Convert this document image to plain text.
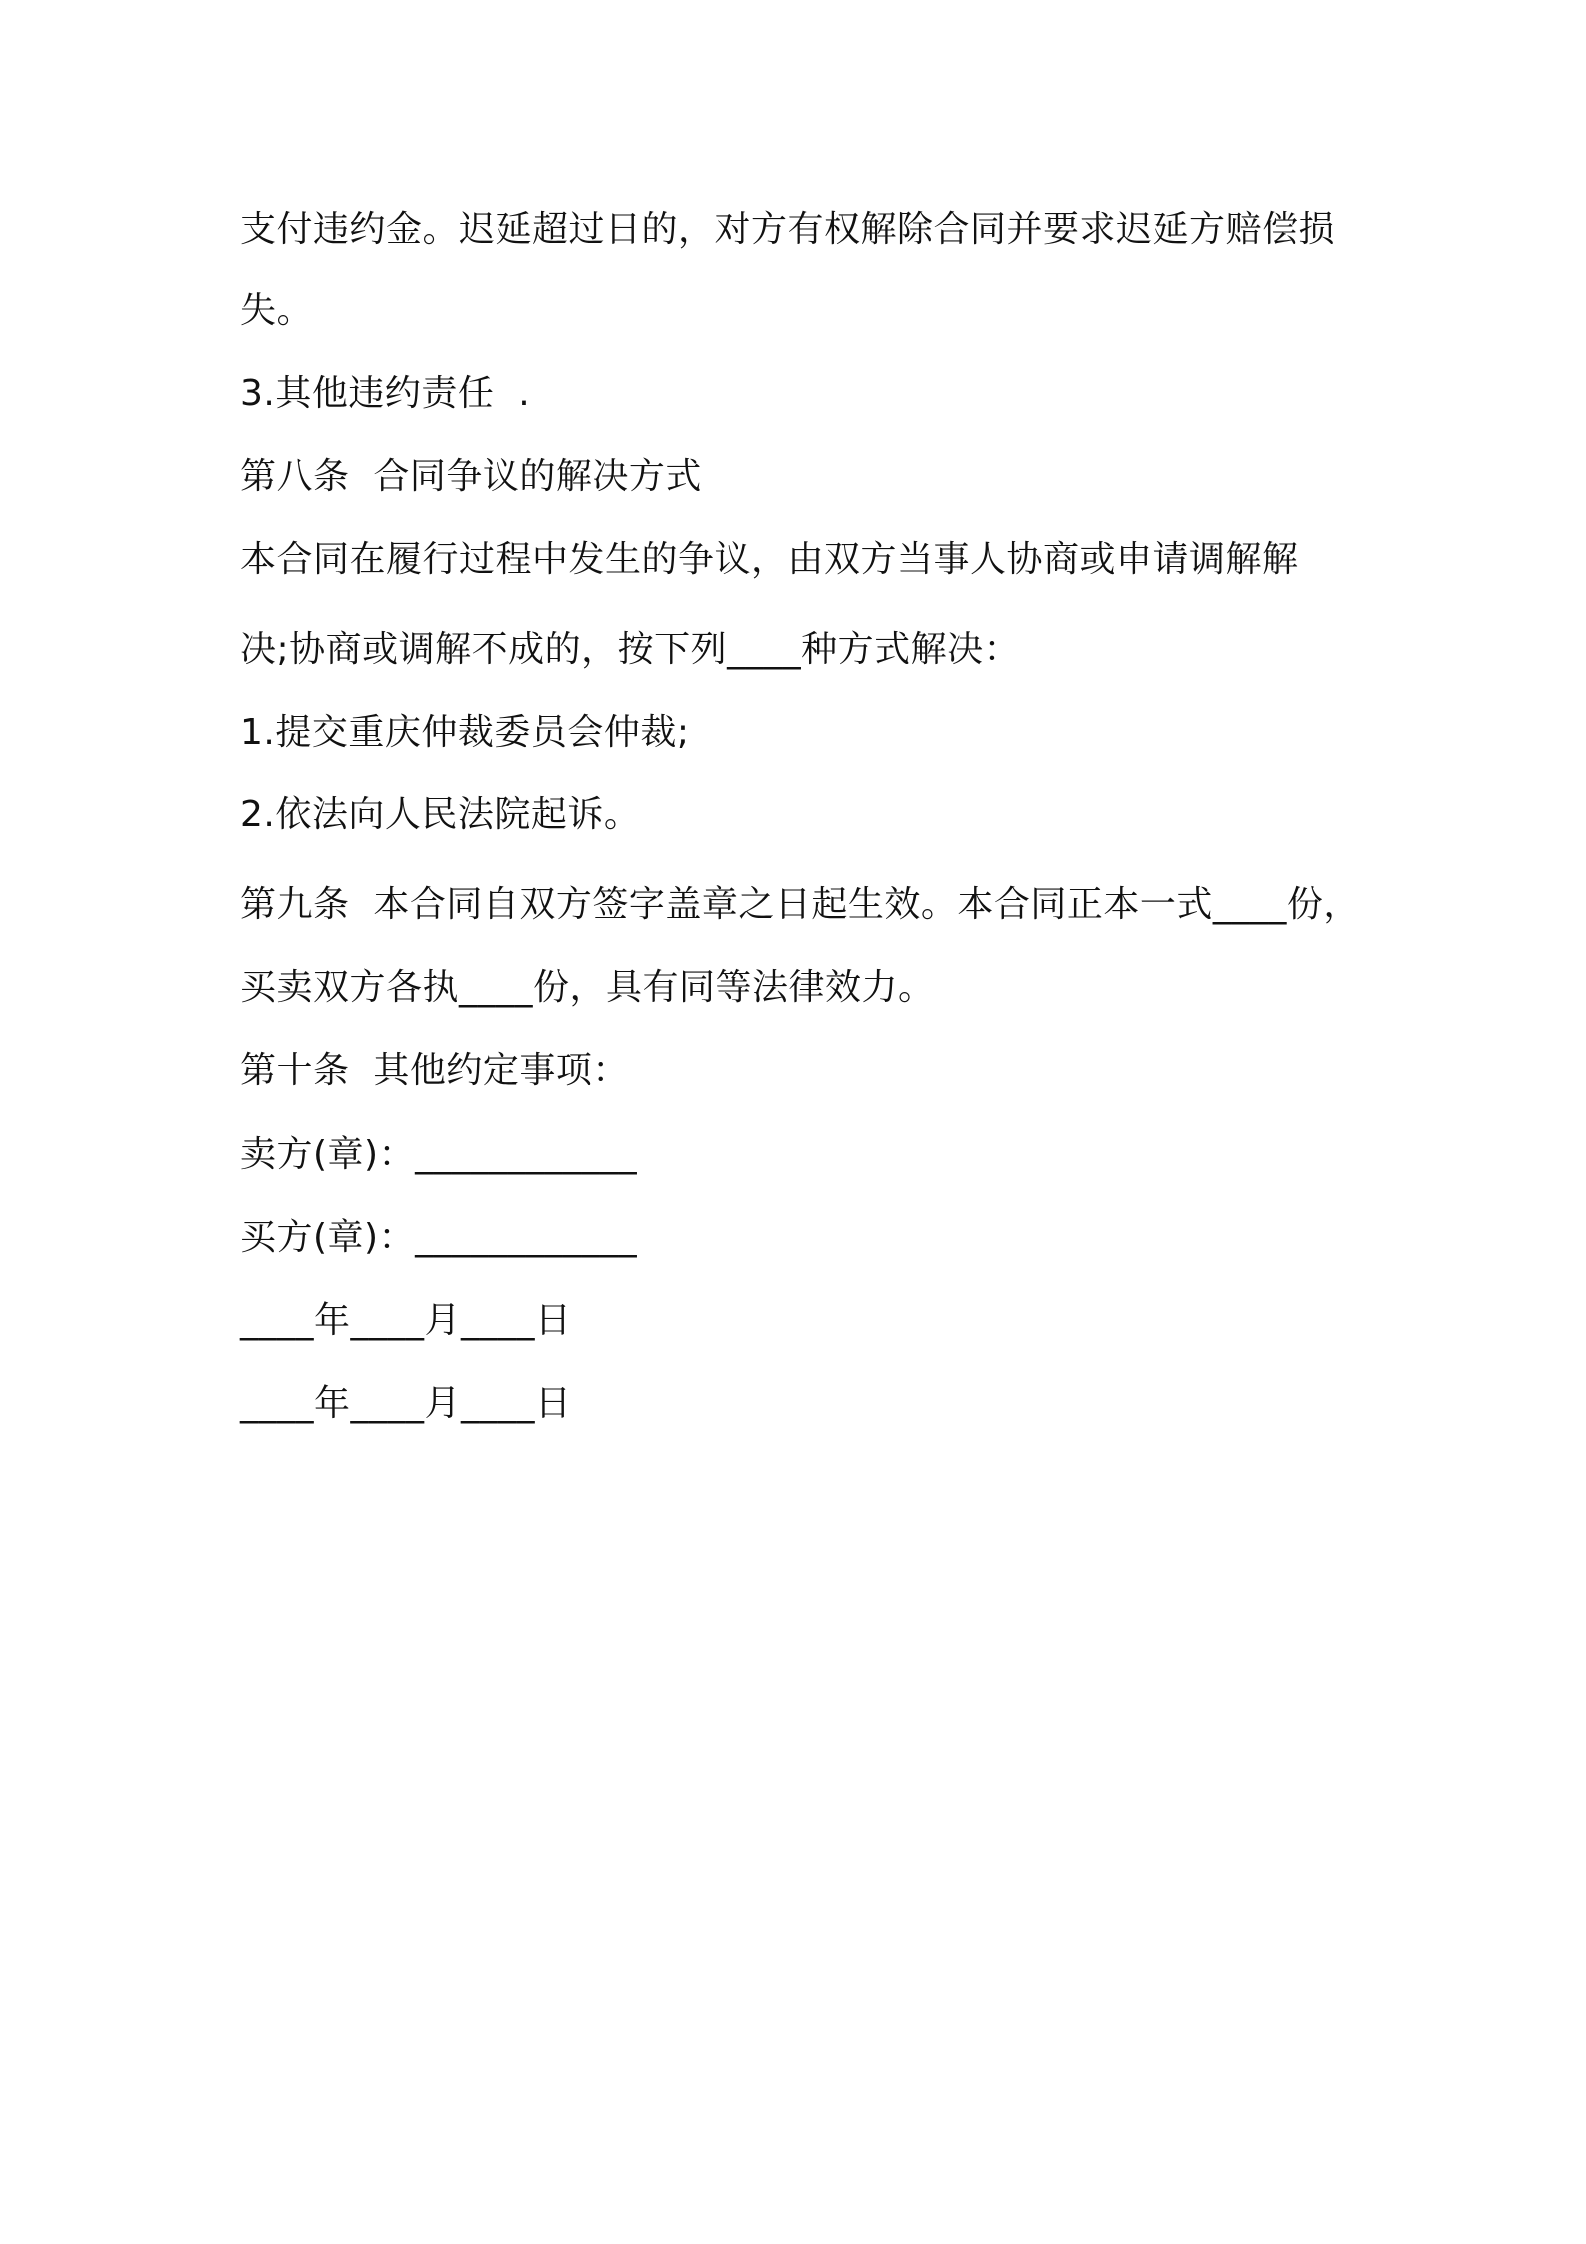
支付违约金。迟延超过日的，对方有权解除合同并要求迟延方赔偿损
失。
3.其他违约责任  .
第八条  合同争议的解决方式
本合同在履行过程中发生的争议，由双方当事人协商或申请调解解
决;协商或调解不成的，按下列____种方式解决：
1.提交重庆仲裁委员会仲裁;
2.依法向人民法院起诉。
第九条  本合同自双方签字盖章之日起生效。本合同正本一式____份，
买卖双方各执____份，具有同等法律效力。
第十条  其他约定事项：
卖方(章)：____________
买方(章)：____________
____年____月____日
____年____月____日
